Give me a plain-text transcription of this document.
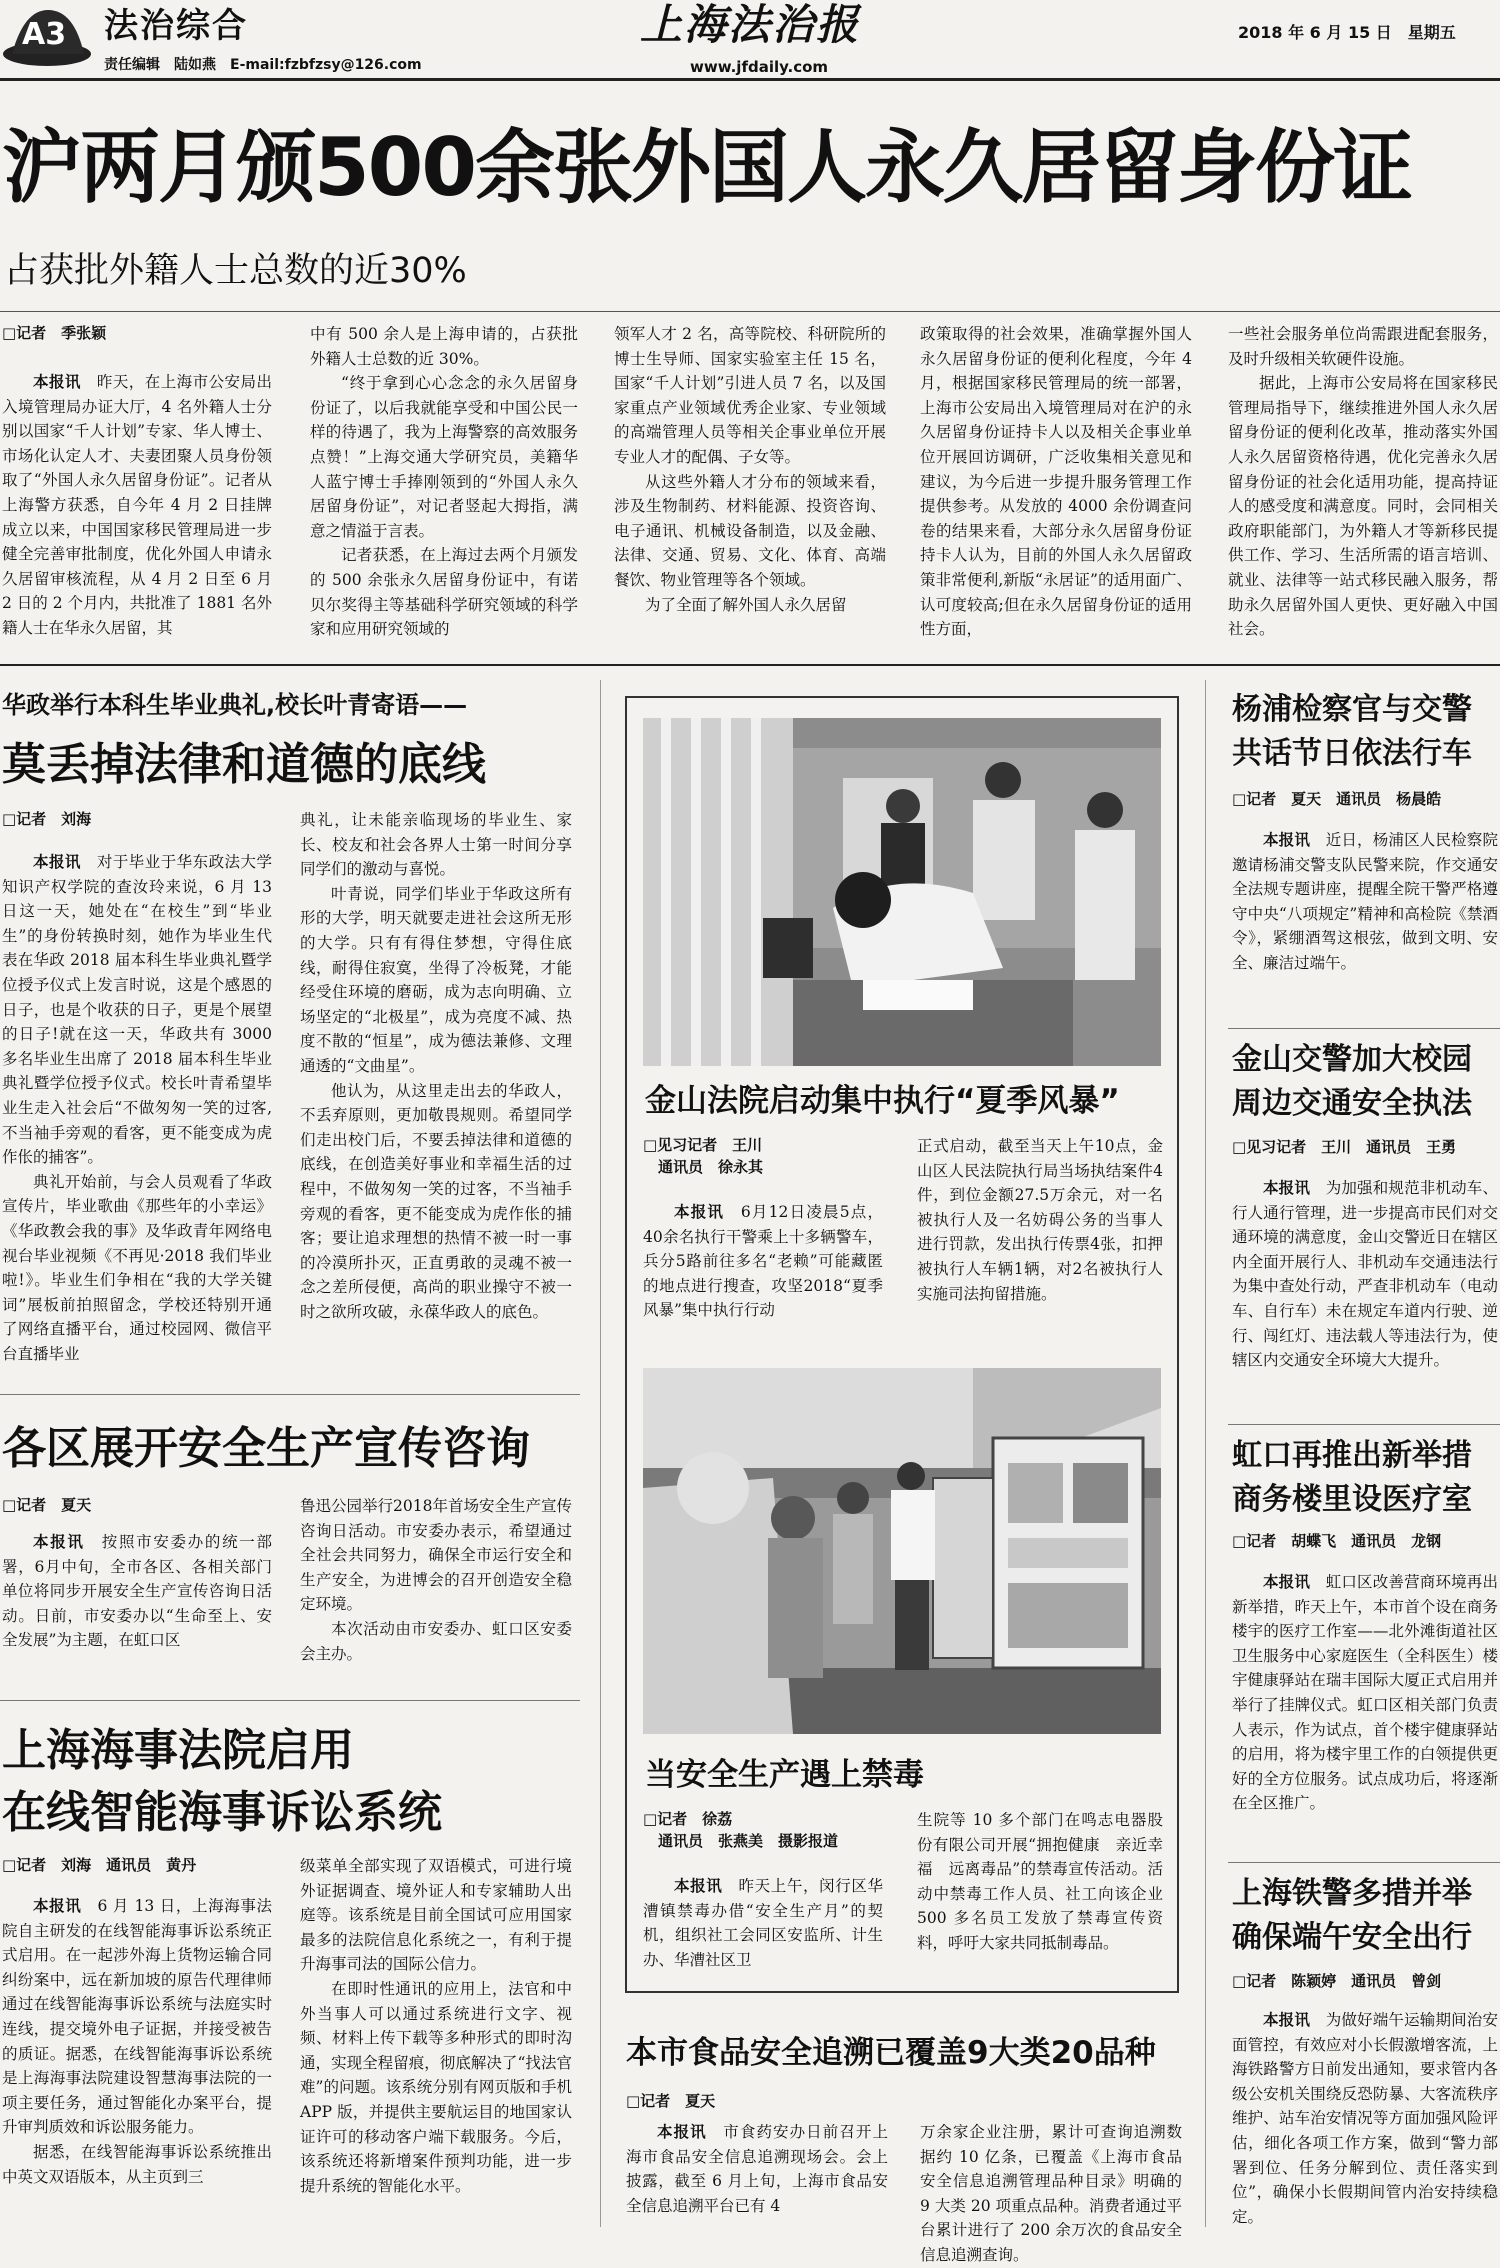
A3 法治综合
责任编辑　陆如燕　E-mail:fzbfzsy@126.com
上海法治报
www.jfdaily.com
2018 年 6 月 15 日　星期五
沪两月颁500余张外国人永久居留身份证
占获批外籍人士总数的近30%
□记者　季张颖

本报讯　昨天，在上海市公安局出入境管理局办证大厅，4 名外籍人士分别以国家“千人计划”专家、华人博士、市场化认定人才、夫妻团聚人员身份领取了“外国人永久居留身份证”。记者从上海警方获悉，自今年 4 月 2 日挂牌成立以来，中国国家移民管理局进一步健全完善审批制度，优化外国人申请永久居留审核流程，从 4 月 2 日至 6 月 2 日的 2 个月内，共批准了 1881 名外籍人士在华永久居留，其

中有 500 余人是上海申请的，占获批外籍人士总数的近 30%。

“终于拿到心心念念的永久居留身份证了，以后我就能享受和中国公民一样的待遇了，我为上海警察的高效服务点赞！”上海交通大学研究员，美籍华人蓝宁博士手捧刚领到的“外国人永久居留身份证”，对记者竖起大拇指，满意之情溢于言表。

记者获悉，在上海过去两个月颁发的 500 余张永久居留身份证中，有诺贝尔奖得主等基础科学研究领域的科学家和应用研究领域的

领军人才 2 名，高等院校、科研院所的博士生导师、国家实验室主任 15 名，国家“千人计划”引进人员 7 名，以及国家重点产业领域优秀企业家、专业领域的高端管理人员等相关企事业单位开展专业人才的配偶、子女等。

从这些外籍人才分布的领域来看，涉及生物制药、材料能源、投资咨询、电子通讯、机械设备制造，以及金融、法律、交通、贸易、文化、体育、高端餐饮、物业管理等各个领域。

为了全面了解外国人永久居留

政策取得的社会效果，准确掌握外国人永久居留身份证的便利化程度，今年 4 月，根据国家移民管理局的统一部署，上海市公安局出入境管理局对在沪的永久居留身份证持卡人以及相关企事业单位开展回访调研，广泛收集相关意见和建议，为今后进一步提升服务管理工作提供参考。从发放的 4000 余份调查问卷的结果来看，大部分永久居留身份证持卡人认为，目前的外国人永久居留政策非常便利,新版“永居证”的适用面广、认可度较高;但在永久居留身份证的适用性方面，
一些社会服务单位尚需跟进配套服务，及时升级相关软硬件设施。

据此，上海市公安局将在国家移民管理局指导下，继续推进外国人永久居留身份证的便利化改革，推动落实外国人永久居留资格待遇，优化完善永久居留身份证的社会化适用功能，提高持证人的感受度和满意度。同时，会同相关政府职能部门，为外籍人才等新移民提供工作、学习、生活所需的语言培训、就业、法律等一站式移民融入服务，帮助永久居留外国人更快、更好融入中国社会。

华政举行本科生毕业典礼,校长叶青寄语——
莫丢掉法律和道德的底线
□记者　刘海

本报讯　对于毕业于华东政法大学知识产权学院的查汝玲来说，6 月 13 日这一天，她处在“在校生”到“毕业生”的身份转换时刻，她作为毕业生代表在华政 2018 届本科生毕业典礼暨学位授予仪式上发言时说，这是个感恩的日子，也是个收获的日子，更是个展望的日子!就在这一天，华政共有 3000 多名毕业生出席了 2018 届本科生毕业典礼暨学位授予仪式。校长叶青希望毕业生走入社会后“不做匆匆一笑的过客,不当袖手旁观的看客，更不能变成为虎作伥的捕客”。

典礼开始前，与会人员观看了华政宣传片，毕业歌曲《那些年的小幸运》《华政教会我的事》及华政青年网络电视台毕业视频《不再见·2018 我们毕业啦!》。毕业生们争相在“我的大学关键词”展板前拍照留念，学校还特别开通了网络直播平台，通过校园网、微信平台直播毕业

典礼，让未能亲临现场的毕业生、家长、校友和社会各界人士第一时间分享同学们的激动与喜悦。

叶青说，同学们毕业于华政这所有形的大学，明天就要走进社会这所无形的大学。只有有得住梦想，守得住底线，耐得住寂寞，坐得了冷板凳，才能经受住环境的磨砺，成为志向明确、立场坚定的“北极星”，成为亮度不减、热度不散的“恒星”，成为德法兼修、文理通透的“文曲星”。

他认为，从这里走出去的华政人，不丢弃原则，更加敬畏规则。希望同学们走出校门后，不要丢掉法律和道德的底线，在创造美好事业和幸福生活的过程中，不做匆匆一笑的过客，不当袖手旁观的看客，更不能变成为虎作伥的捕客；要让追求理想的热情不被一时一事的冷漠所扑灭，正直勇敢的灵魂不被一念之差所侵便，高尚的职业操守不被一时之欲所攻破，永葆华政人的底色。

各区展开安全生产宣传咨询
□记者　夏天

本报讯　按照市安委办的统一部署，6月中旬，全市各区、各相关部门单位将同步开展安全生产宣传咨询日活动。日前，市安委办以“生命至上、安全发展”为主题，在虹口区

鲁迅公园举行2018年首场安全生产宣传咨询日活动。市安委办表示，希望通过全社会共同努力，确保全市运行安全和生产安全，为进博会的召开创造安全稳定环境。

本次活动由市安委办、虹口区安委会主办。

上海海事法院启用
在线智能海事诉讼系统
□记者　刘海　通讯员　黄丹

本报讯　6 月 13 日，上海海事法院自主研发的在线智能海事诉讼系统正式启用。在一起涉外海上货物运输合同纠纷案中，远在新加坡的原告代理律师通过在线智能海事诉讼系统与法庭实时连线，提交境外电子证据，并接受被告的质证。据悉，在线智能海事诉讼系统是上海海事法院建设智慧海事法院的一项主要任务，通过智能化办案平台，提升审判质效和诉讼服务能力。

据悉，在线智能海事诉讼系统推出中英文双语版本，从主页到三

级菜单全部实现了双语模式，可进行境外证据调查、境外证人和专家辅助人出庭等。该系统是目前全国试可应用国家最多的法院信息化系统之一，有利于提升海事司法的国际公信力。

在即时性通讯的应用上，法官和中外当事人可以通过系统进行文字、视频、材料上传下载等多种形式的即时沟通，实现全程留痕，彻底解决了“找法官难”的问题。该系统分别有网页版和手机 APP 版，并提供主要航运目的地国家认证许可的移动客户端下载服务。今后，该系统还将新增案件预判功能，进一步提升系统的智能化水平。

金山法院启动集中执行“夏季风暴”
□见习记者　王川
　通讯员　徐永其

本报讯　6月12日凌晨5点，40余名执行干警乘上十多辆警车，兵分5路前往多名“老赖”可能藏匿的地点进行搜查，攻坚2018“夏季风暴”集中执行行动

正式启动，截至当天上午10点，金山区人民法院执行局当场执结案件4件，到位金额27.5万余元，对一名被执行人及一名妨碍公务的当事人进行罚款，发出执行传票4张，扣押被执行人车辆1辆，对2名被执行人实施司法拘留措施。
当安全生产遇上禁毒
□记者　徐荔
　通讯员　张燕美　摄影报道

本报讯　昨天上午，闵行区华漕镇禁毒办借“安全生产月”的契机，组织社工会同区安监所、计生办、华漕社区卫

生院等 10 多个部门在鸣志电器股份有限公司开展“拥抱健康　亲近幸福　远离毒品”的禁毒宣传活动。活动中禁毒工作人员、社工向该企业 500 多名员工发放了禁毒宣传资料，呼吁大家共同抵制毒品。
本市食品安全追溯已覆盖9大类20品种
□记者　夏天

本报讯　市食药安办日前召开上海市食品安全信息追溯现场会。会上披露，截至 6 月上旬，上海市食品安全信息追溯平台已有 4

万余家企业注册，累计可查询追溯数据约 10 亿条，已覆盖《上海市食品安全信息追溯管理品种目录》明确的 9 大类 20 项重点品种。消费者通过平台累计进行了 200 余万次的食品安全信息追溯查询。
杨浦检察官与交警
共话节日依法行车
□记者　夏天　通讯员　杨晨皓

本报讯　近日，杨浦区人民检察院邀请杨浦交警支队民警来院，作交通安全法规专题讲座，提醒全院干警严格遵守中央“八项规定”精神和高检院《禁酒令》，紧绷酒驾这根弦，做到文明、安全、廉洁过端午。

金山交警加大校园
周边交通安全执法
□见习记者　王川　通讯员　王勇

本报讯　为加强和规范非机动车、行人通行管理，进一步提高市民们对交通环境的满意度，金山交警近日在辖区内全面开展行人、非机动车交通违法行为集中查处行动，严查非机动车（电动车、自行车）未在规定车道内行驶、逆行、闯红灯、违法载人等违法行为，使辖区内交通安全环境大大提升。

虹口再推出新举措
商务楼里设医疗室
□记者　胡蝶飞　通讯员　龙钢

本报讯　虹口区改善营商环境再出新举措，昨天上午，本市首个设在商务楼宇的医疗工作室——北外滩街道社区卫生服务中心家庭医生（全科医生）楼宇健康驿站在瑞丰国际大厦正式启用并举行了挂牌仪式。虹口区相关部门负责人表示，作为试点，首个楼宇健康驿站的启用，将为楼宇里工作的白领提供更好的全方位服务。试点成功后，将逐渐在全区推广。

上海铁警多措并举
确保端午安全出行
□记者　陈颖婷　通讯员　曾剑

本报讯　为做好端午运输期间治安面管控，有效应对小长假激增客流，上海铁路警方日前发出通知，要求管内各级公安机关围绕反恐防暴、大客流秩序维护、站车治安情况等方面加强风险评估，细化各项工作方案，做到“警力部署到位、任务分解到位、责任落实到位”，确保小长假期间管内治安持续稳定。
